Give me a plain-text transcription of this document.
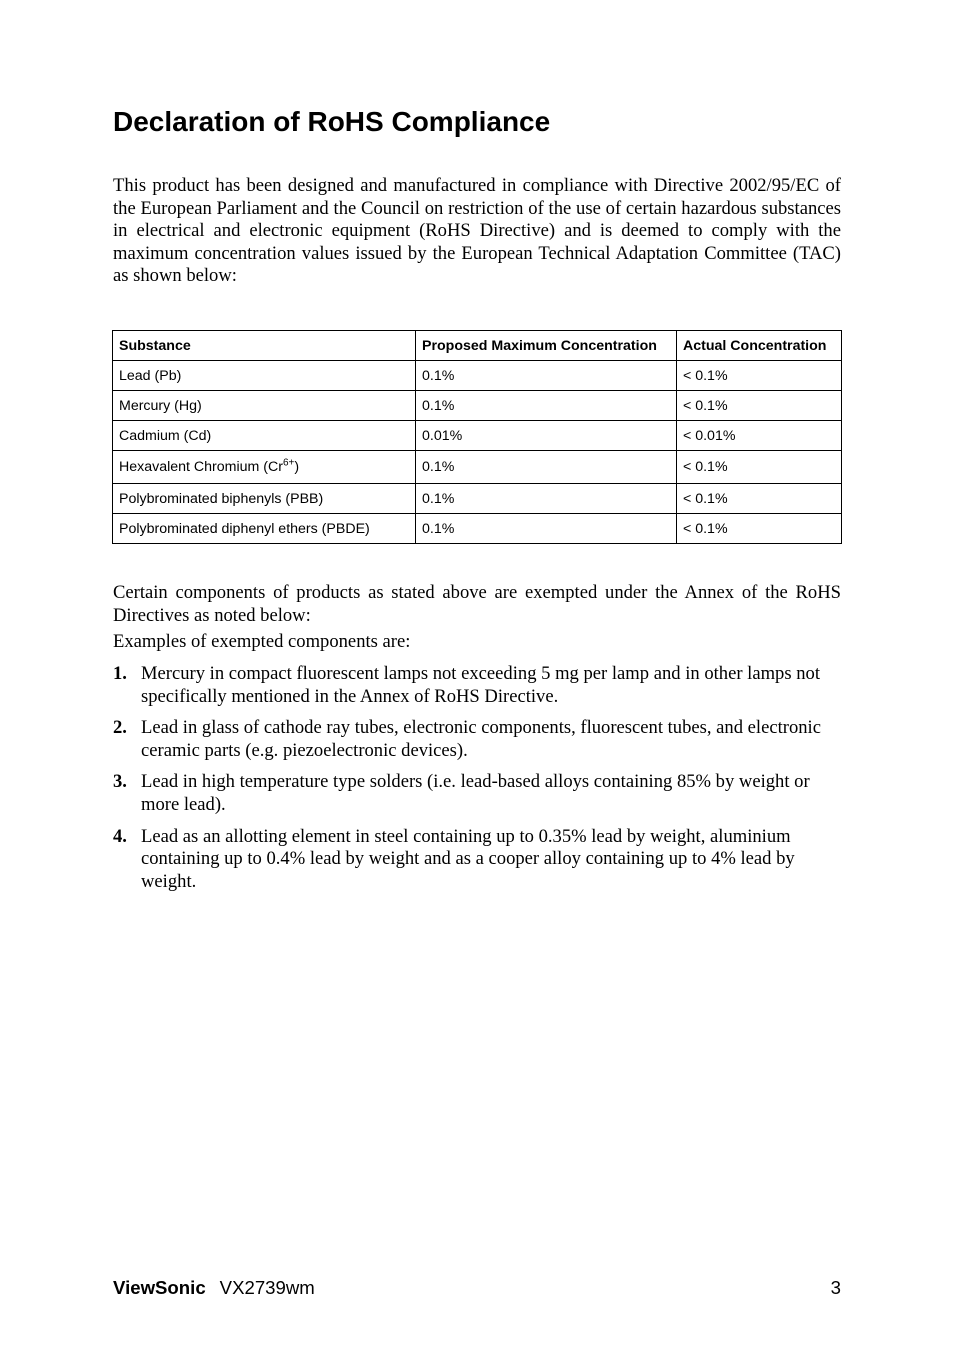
Declaration of RoHS Compliance

This product has been designed and manufactured in compliance with Directive 2002/95/EC of the European Parliament and the Council on restriction of the use of certain hazardous substances in electrical and electronic equipment (RoHS Directive) and is deemed to comply with the maximum concentration values issued by the European Technical Adaptation Committee (TAC) as shown below:

Substance	Proposed Maximum Concentration	Actual Concentration
Lead (Pb)	0.1%	< 0.1%
Mercury (Hg)	0.1%	< 0.1%
Cadmium (Cd)	0.01%	< 0.01%
Hexavalent Chromium $(Cr^{6+})$	0.1%	< 0.1%
Polybrominated biphenyls (PBB)	0.1%	< 0.1%
Polybrominated diphenyl ethers (PBDE)	0.1%	< 0.1%

Certain components of products as stated above are exempted under the Annex of the RoHS Directives as noted below:

Examples of exempted components are:

1. Mercury in compact fluorescent lamps not exceeding 5 mg per lamp and in other lamps not specifically mentioned in the Annex of RoHS Directive.
2. Lead in glass of cathode ray tubes, electronic components, fluorescent tubes, and electronic ceramic parts (e.g. piezoelectronic devices).
3. Lead in high temperature type solders (i.e. lead-based alloys containing 85% by weight or more lead).
4. Lead as an allotting element in steel containing up to 0.35% lead by weight, aluminium containing up to 0.4% lead by weight and as a cooper alloy containing up to 4% lead by weight.
ViewSonic VX2739wm	3
